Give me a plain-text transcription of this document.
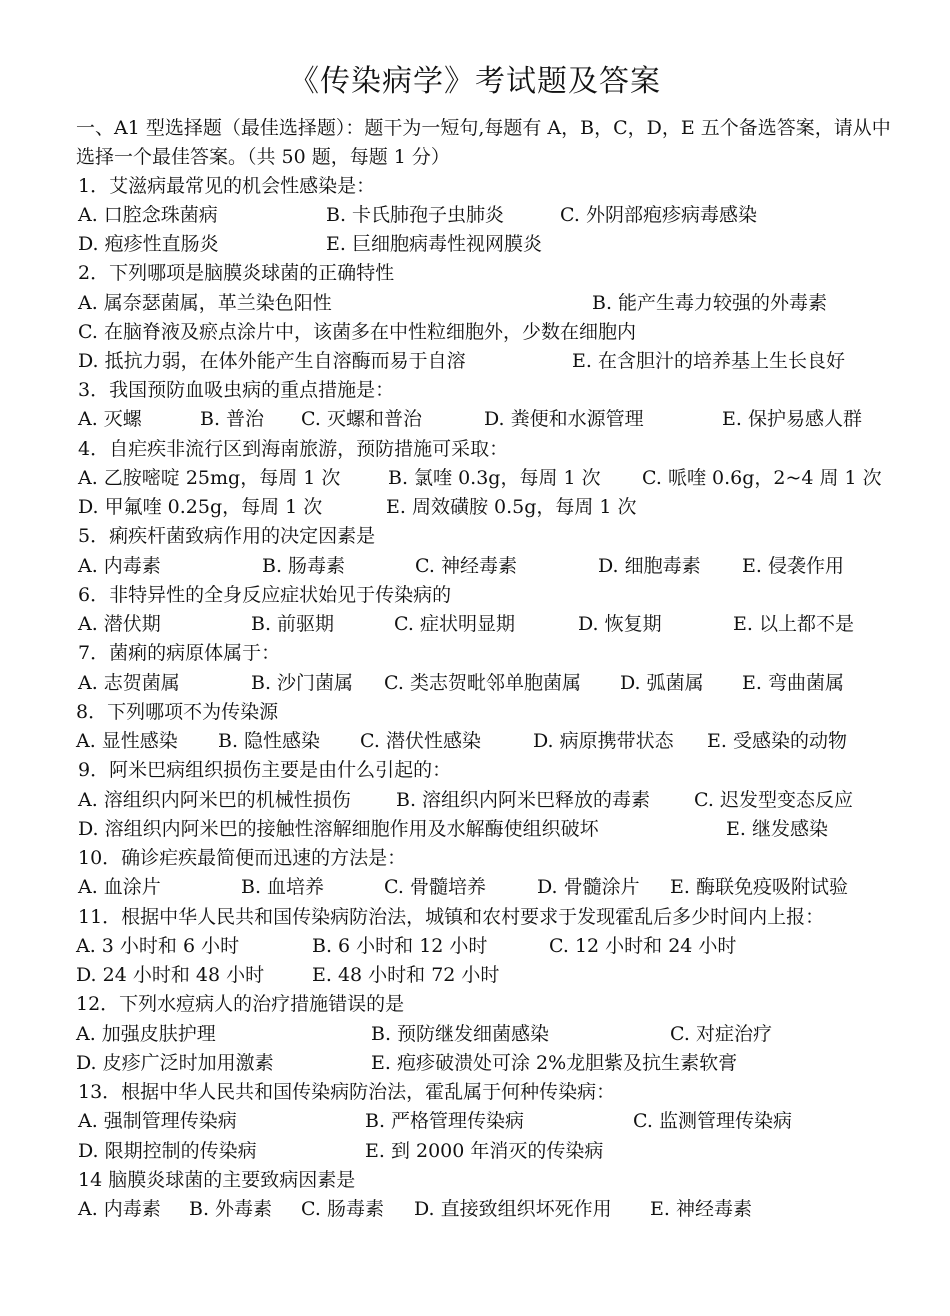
《传染病学》考试题及答案
一、A1 型选择题（最佳选择题）：题干为一短句,每题有 A，B，C，D，E 五个备选答案，请从中选择一个最佳答案。（共 50 题，每题 1 分）
1．艾滋病最常见的机会性感染是：
A. 口腔念珠菌病	B. 卡氏肺孢子虫肺炎	C. 外阴部疱疹病毒感染
D. 疱疹性直肠炎	E. 巨细胞病毒性视网膜炎
2．下列哪项是脑膜炎球菌的正确特性
A. 属奈瑟菌属，革兰染色阳性	B. 能产生毒力较强的外毒素
C. 在脑脊液及瘀点涂片中，该菌多在中性粒细胞外，少数在细胞内
D. 抵抗力弱，在体外能产生自溶酶而易于自溶	E. 在含胆汁的培养基上生长良好
3．我国预防血吸虫病的重点措施是：
A. 灭螺	B. 普治 C. 灭螺和普治	D. 粪便和水源管理	E. 保护易感人群
4．自疟疾非流行区到海南旅游，预防措施可采取：
A. 乙胺嘧啶 25mg，每周 1 次	B. 氯喹 0.3g，每周 1 次 C. 哌喹 0.6g，2~4 周 1 次
D. 甲氟喹 0.25g，每周 1 次	E. 周效磺胺 0.5g，每周 1 次
5．痢疾杆菌致病作用的决定因素是
A. 内毒素	B. 肠毒素	C. 神经毒素	D. 细胞毒素 E. 侵袭作用
6．非特异性的全身反应症状始见于传染病的
A. 潜伏期	B. 前驱期	C. 症状明显期	D. 恢复期	E. 以上都不是
7．菌痢的病原体属于：
A. 志贺菌属	B. 沙门菌属 C. 类志贺毗邻单胞菌属 D. 弧菌属 E. 弯曲菌属
8．下列哪项不为传染源
A. 显性感染 B. 隐性感染 C. 潜伏性感染	D. 病原携带状态 E. 受感染的动物
9．阿米巴病组织损伤主要是由什么引起的：
A. 溶组织内阿米巴的机械性损伤 B. 溶组织内阿米巴释放的毒素 C. 迟发型变态反应
D. 溶组织内阿米巴的接触性溶解细胞作用及水解酶使组织破坏	E. 继发感染
10．确诊疟疾最简便而迅速的方法是：
A. 血涂片	B. 血培养	C. 骨髓培养	D. 骨髓涂片 E. 酶联免疫吸附试验
11．根据中华人民共和国传染病防治法，城镇和农村要求于发现霍乱后多少时间内上报：
A. 3 小时和 6 小时	B. 6 小时和 12 小时	C. 12 小时和 24 小时
D. 24 小时和 48 小时	E. 48 小时和 72 小时
12．下列水痘病人的治疗措施错误的是
A. 加强皮肤护理	B. 预防继发细菌感染	C. 对症治疗
D. 皮疹广泛时加用激素	E. 疱疹破溃处可涂 2%龙胆紫及抗生素软膏
13．根据中华人民共和国传染病防治法，霍乱属于何种传染病：
A. 强制管理传染病	B. 严格管理传染病	C. 监测管理传染病
D. 限期控制的传染病	E. 到 2000 年消灭的传染病
14 脑膜炎球菌的主要致病因素是
A. 内毒素 B. 外毒素 C. 肠毒素 D. 直接致组织坏死作用 E. 神经毒素
